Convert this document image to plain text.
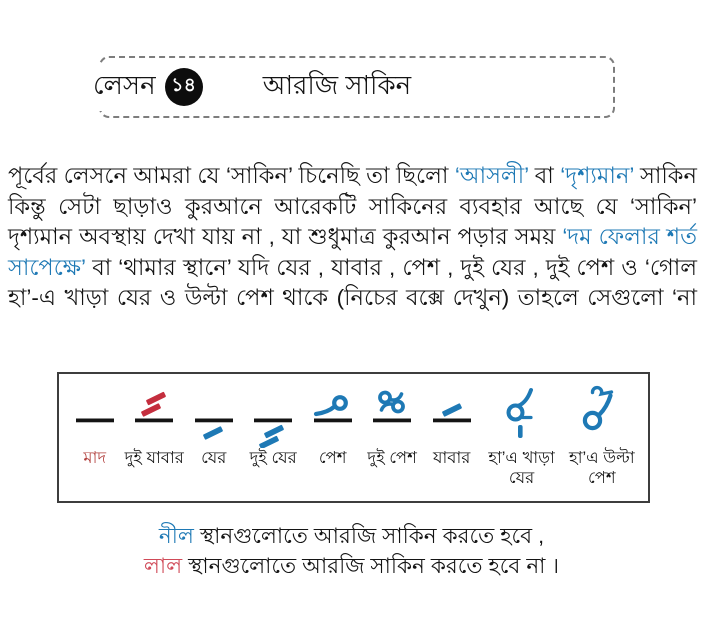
লেসন ১৪	আরজি সাকিন
পূর্বের লেসনে আমরা যে ‘সাকিন’ চিনেছি তা ছিলো ‘আসলী’ বা ‘দৃশ্যমান’ সাকিন
কিন্তু সেটা ছাড়াও কুরআনে আরেকটি সাকিনের ব্যবহার আছে যে ‘সাকিন’
দৃশ্যমান অবস্থায় দেখা যায় না , যা শুধুমাত্র কুরআন পড়ার সময় ‘দম ফেলার শর্ত
সাপেক্ষে’ বা ‘থামার স্থানে’ যদি যের , যাবার , পেশ , দুই যের , দুই পেশ ও ‘গোল
হা’-এ খাড়া যের ও উল্টা পেশ থাকে (নিচের বক্সে দেখুন) তাহলে সেগুলো ‘না
মাদ দুই যাবার যের দুই যের পেশ দুই পেশ যাবার	হা’এ খাড়া যের
হা’এ উল্টা পেশ
নীল স্থানগুলোতে আরজি সাকিন করতে হবে ,
লাল স্থানগুলোতে আরজি সাকিন করতে হবে না ।
